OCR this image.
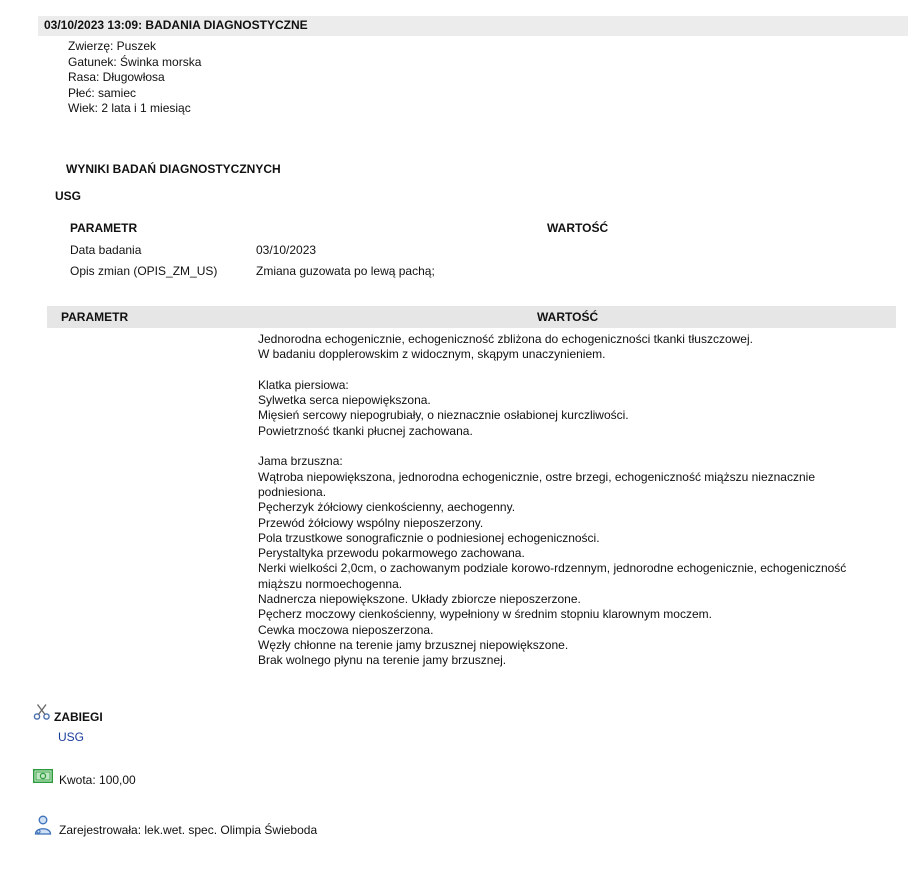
03/10/2023 13:09: BADANIA DIAGNOSTYCZNE
Zwierzę: Puszek
Gatunek: Świnka morska
Rasa: Długowłosa
Płeć: samiec
Wiek: 2 lata i 1 miesiąc
WYNIKI BADAŃ DIAGNOSTYCZNYCH
USG
PARAMETR	WARTOŚĆ
Data badania	03/10/2023
Opis zmian (OPIS_ZM_US)	Zmiana guzowata po lewą pachą;
PARAMETR	WARTOŚĆ
Jednorodna echogenicznie, echogeniczność zbliżona do echogeniczności tkanki tłuszczowej.
W badaniu dopplerowskim z widocznym, skąpym unaczynieniem.
Klatka piersiowa:
Sylwetka serca niepowiększona.
Mięsień sercowy niepogrubiały, o nieznacznie osłabionej kurczliwości.
Powietrzność tkanki płucnej zachowana.
Jama brzuszna:
Wątroba niepowiększona, jednorodna echogenicznie, ostre brzegi, echogeniczność miąższu nieznacznie podniesiona.
Pęcherzyk żółciowy cienkościenny, aechogenny.
Przewód żółciowy wspólny nieposzerzony.
Pola trzustkowe sonograficznie o podniesionej echogeniczności.
Perystaltyka przewodu pokarmowego zachowana.
Nerki wielkości 2,0cm, o zachowanym podziale korowo-rdzennym, jednorodne echogenicznie, echogeniczność miąższu normoechogenna.
Nadnercza niepowiększone. Układy zbiorcze nieposzerzone.
Pęcherz moczowy cienkościenny, wypełniony w średnim stopniu klarownym moczem.
Cewka moczowa nieposzerzona.
Węzły chłonne na terenie jamy brzusznej niepowiększone.
Brak wolnego płynu na terenie jamy brzusznej.
ZABIEGI
USG
Kwota: 100,00
Zarejestrowała: lek.wet. spec. Olimpia Świeboda
